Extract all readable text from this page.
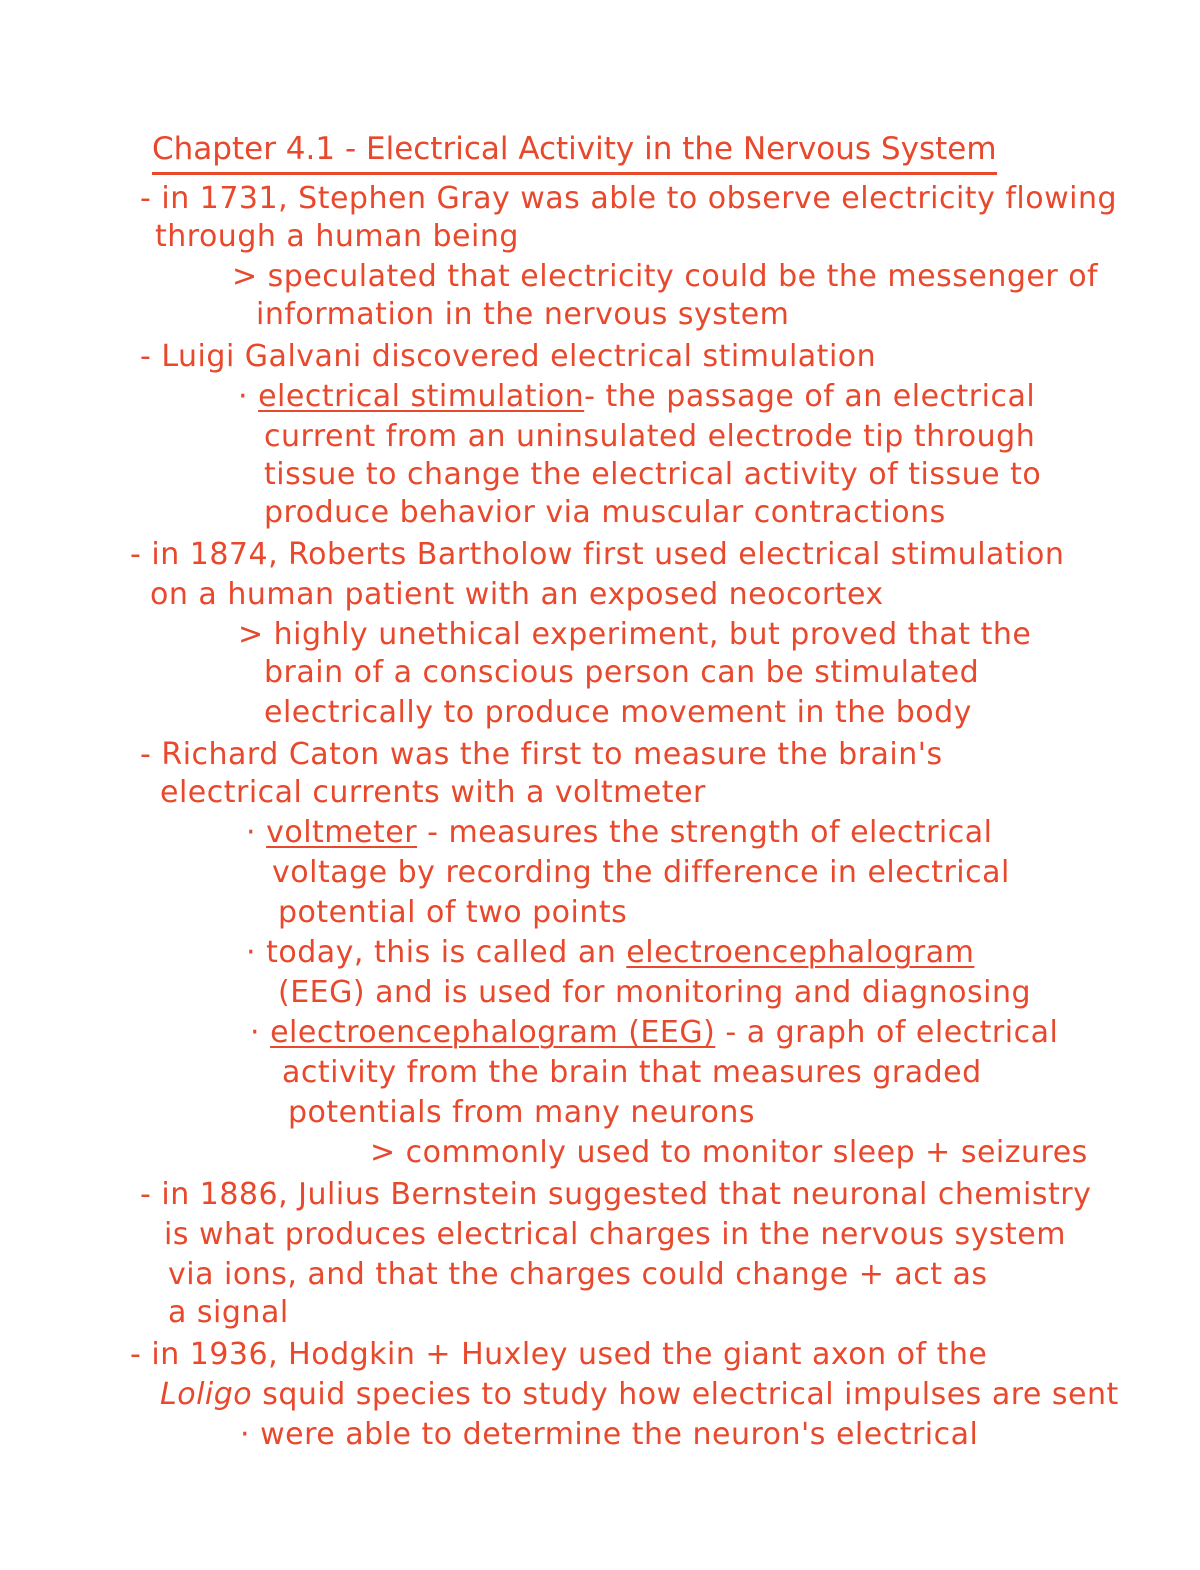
Chapter 4.1 - Electrical Activity in the Nervous System
- in 1731, Stephen Gray was able to observe electricity flowing
through a human being
> speculated that electricity could be the messenger of
information in the nervous system
- Luigi Galvani discovered electrical stimulation
· electrical stimulation- the passage of an electrical
current from an uninsulated electrode tip through
tissue to change the electrical activity of tissue to
produce behavior via muscular contractions
- in 1874, Roberts Bartholow first used electrical stimulation
on a human patient with an exposed neocortex
> highly unethical experiment, but proved that the
brain of a conscious person can be stimulated
electrically to produce movement in the body
- Richard Caton was the first to measure the brain's
electrical currents with a voltmeter
· voltmeter - measures the strength of electrical
voltage by recording the difference in electrical
potential of two points
· today, this is called an electroencephalogram
(EEG) and is used for monitoring and diagnosing
· electroencephalogram (EEG) - a graph of electrical
activity from the brain that measures graded
potentials from many neurons
> commonly used to monitor sleep + seizures
- in 1886, Julius Bernstein suggested that neuronal chemistry
is what produces electrical charges in the nervous system
via ions, and that the charges could change + act as
a signal
- in 1936, Hodgkin + Huxley used the giant axon of the
Loligo squid species to study how electrical impulses are sent
· were able to determine the neuron's electrical
